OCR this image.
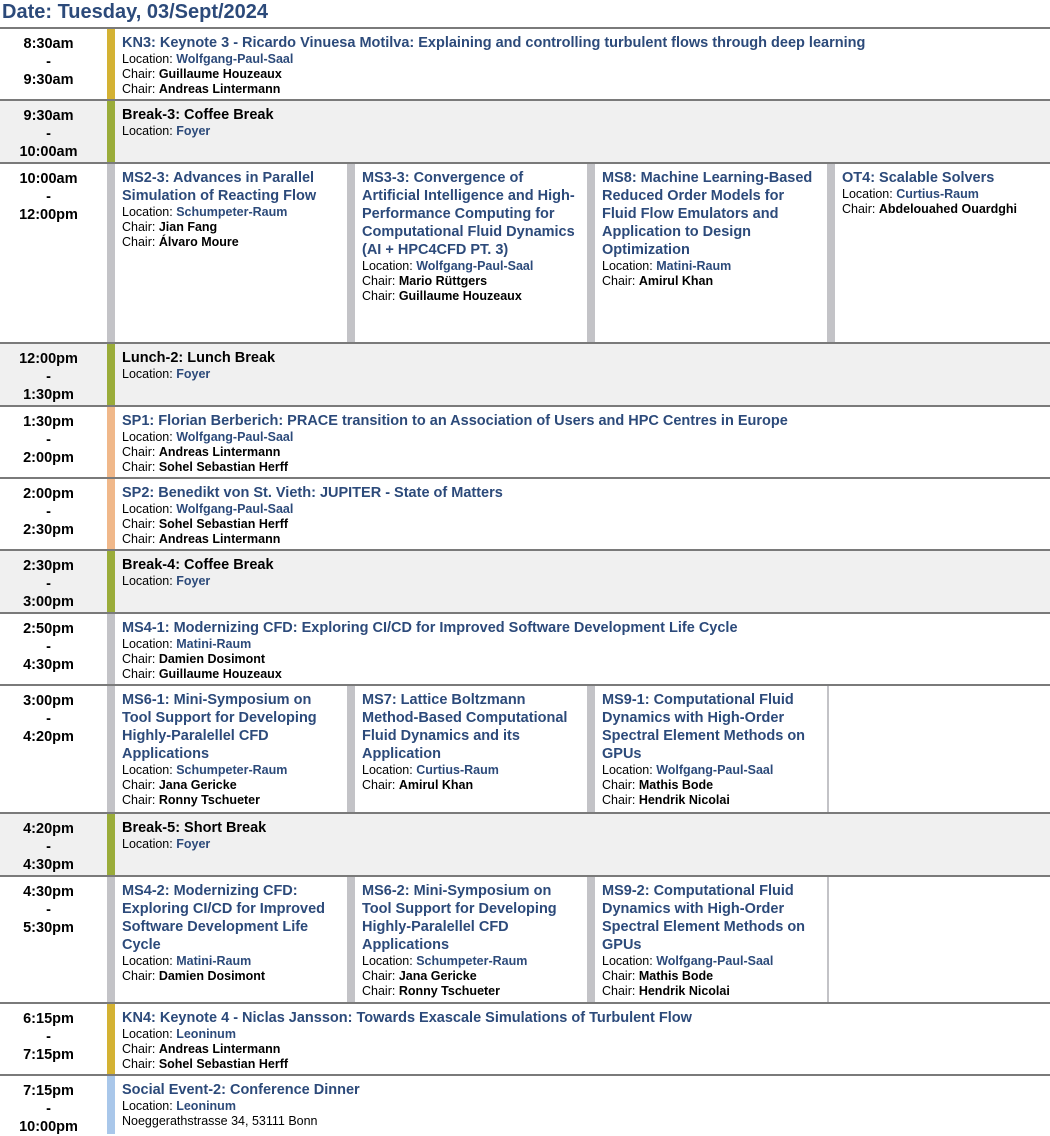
Date: Tuesday, 03/Sept/2024
8:30am
-
9:30am
KN3: Keynote 3 - Ricardo Vinuesa Motilva: Explaining and controlling turbulent flows through deep learning
Location: Wolfgang-Paul-Saal
Chair: Guillaume Houzeaux
Chair: Andreas Lintermann
9:30am
-
10:00am
Break-3: Coffee Break
Location: Foyer
10:00am
-
12:00pm
MS2-3: Advances in Parallel Simulation of Reacting Flow
Location: Schumpeter-Raum
Chair: Jian Fang
Chair: Álvaro Moure
MS3-3: Convergence of Artificial Intelligence and High-Performance Computing for Computational Fluid Dynamics (AI + HPC4CFD PT. 3)
Location: Wolfgang-Paul-Saal
Chair: Mario Rüttgers
Chair: Guillaume Houzeaux
MS8: Machine Learning-Based Reduced Order Models for Fluid Flow Emulators and Application to Design Optimization
Location: Matini-Raum
Chair: Amirul Khan
OT4: Scalable Solvers
Location: Curtius-Raum
Chair: Abdelouahed Ouardghi
12:00pm
-
1:30pm
Lunch-2: Lunch Break
Location: Foyer
1:30pm
-
2:00pm
SP1: Florian Berberich: PRACE transition to an Association of Users and HPC Centres in Europe
Location: Wolfgang-Paul-Saal
Chair: Andreas Lintermann
Chair: Sohel Sebastian Herff
2:00pm
-
2:30pm
SP2: Benedikt von St. Vieth: JUPITER - State of Matters
Location: Wolfgang-Paul-Saal
Chair: Sohel Sebastian Herff
Chair: Andreas Lintermann
2:30pm
-
3:00pm
Break-4: Coffee Break
Location: Foyer
2:50pm
-
4:30pm
MS4-1: Modernizing CFD: Exploring CI/CD for Improved Software Development Life Cycle
Location: Matini-Raum
Chair: Damien Dosimont
Chair: Guillaume Houzeaux
3:00pm
-
4:20pm
MS6-1: Mini-Symposium on Tool Support for Developing Highly-Paralellel CFD Applications
Location: Schumpeter-Raum
Chair: Jana Gericke
Chair: Ronny Tschueter
MS7: Lattice Boltzmann Method-Based Computational Fluid Dynamics and its Application
Location: Curtius-Raum
Chair: Amirul Khan
MS9-1: Computational Fluid Dynamics with High-Order Spectral Element Methods on GPUs
Location: Wolfgang-Paul-Saal
Chair: Mathis Bode
Chair: Hendrik Nicolai
4:20pm
-
4:30pm
Break-5: Short Break
Location: Foyer
4:30pm
-
5:30pm
MS4-2: Modernizing CFD: Exploring CI/CD for Improved Software Development Life Cycle
Location: Matini-Raum
Chair: Damien Dosimont
MS6-2: Mini-Symposium on Tool Support for Developing Highly-Paralellel CFD Applications
Location: Schumpeter-Raum
Chair: Jana Gericke
Chair: Ronny Tschueter
MS9-2: Computational Fluid Dynamics with High-Order Spectral Element Methods on GPUs
Location: Wolfgang-Paul-Saal
Chair: Mathis Bode
Chair: Hendrik Nicolai
6:15pm
-
7:15pm
KN4: Keynote 4 - Niclas Jansson: Towards Exascale Simulations of Turbulent Flow
Location: Leoninum
Chair: Andreas Lintermann
Chair: Sohel Sebastian Herff
7:15pm
-
10:00pm
Social Event-2: Conference Dinner
Location: Leoninum
Noeggerathstrasse 34, 53111 Bonn
